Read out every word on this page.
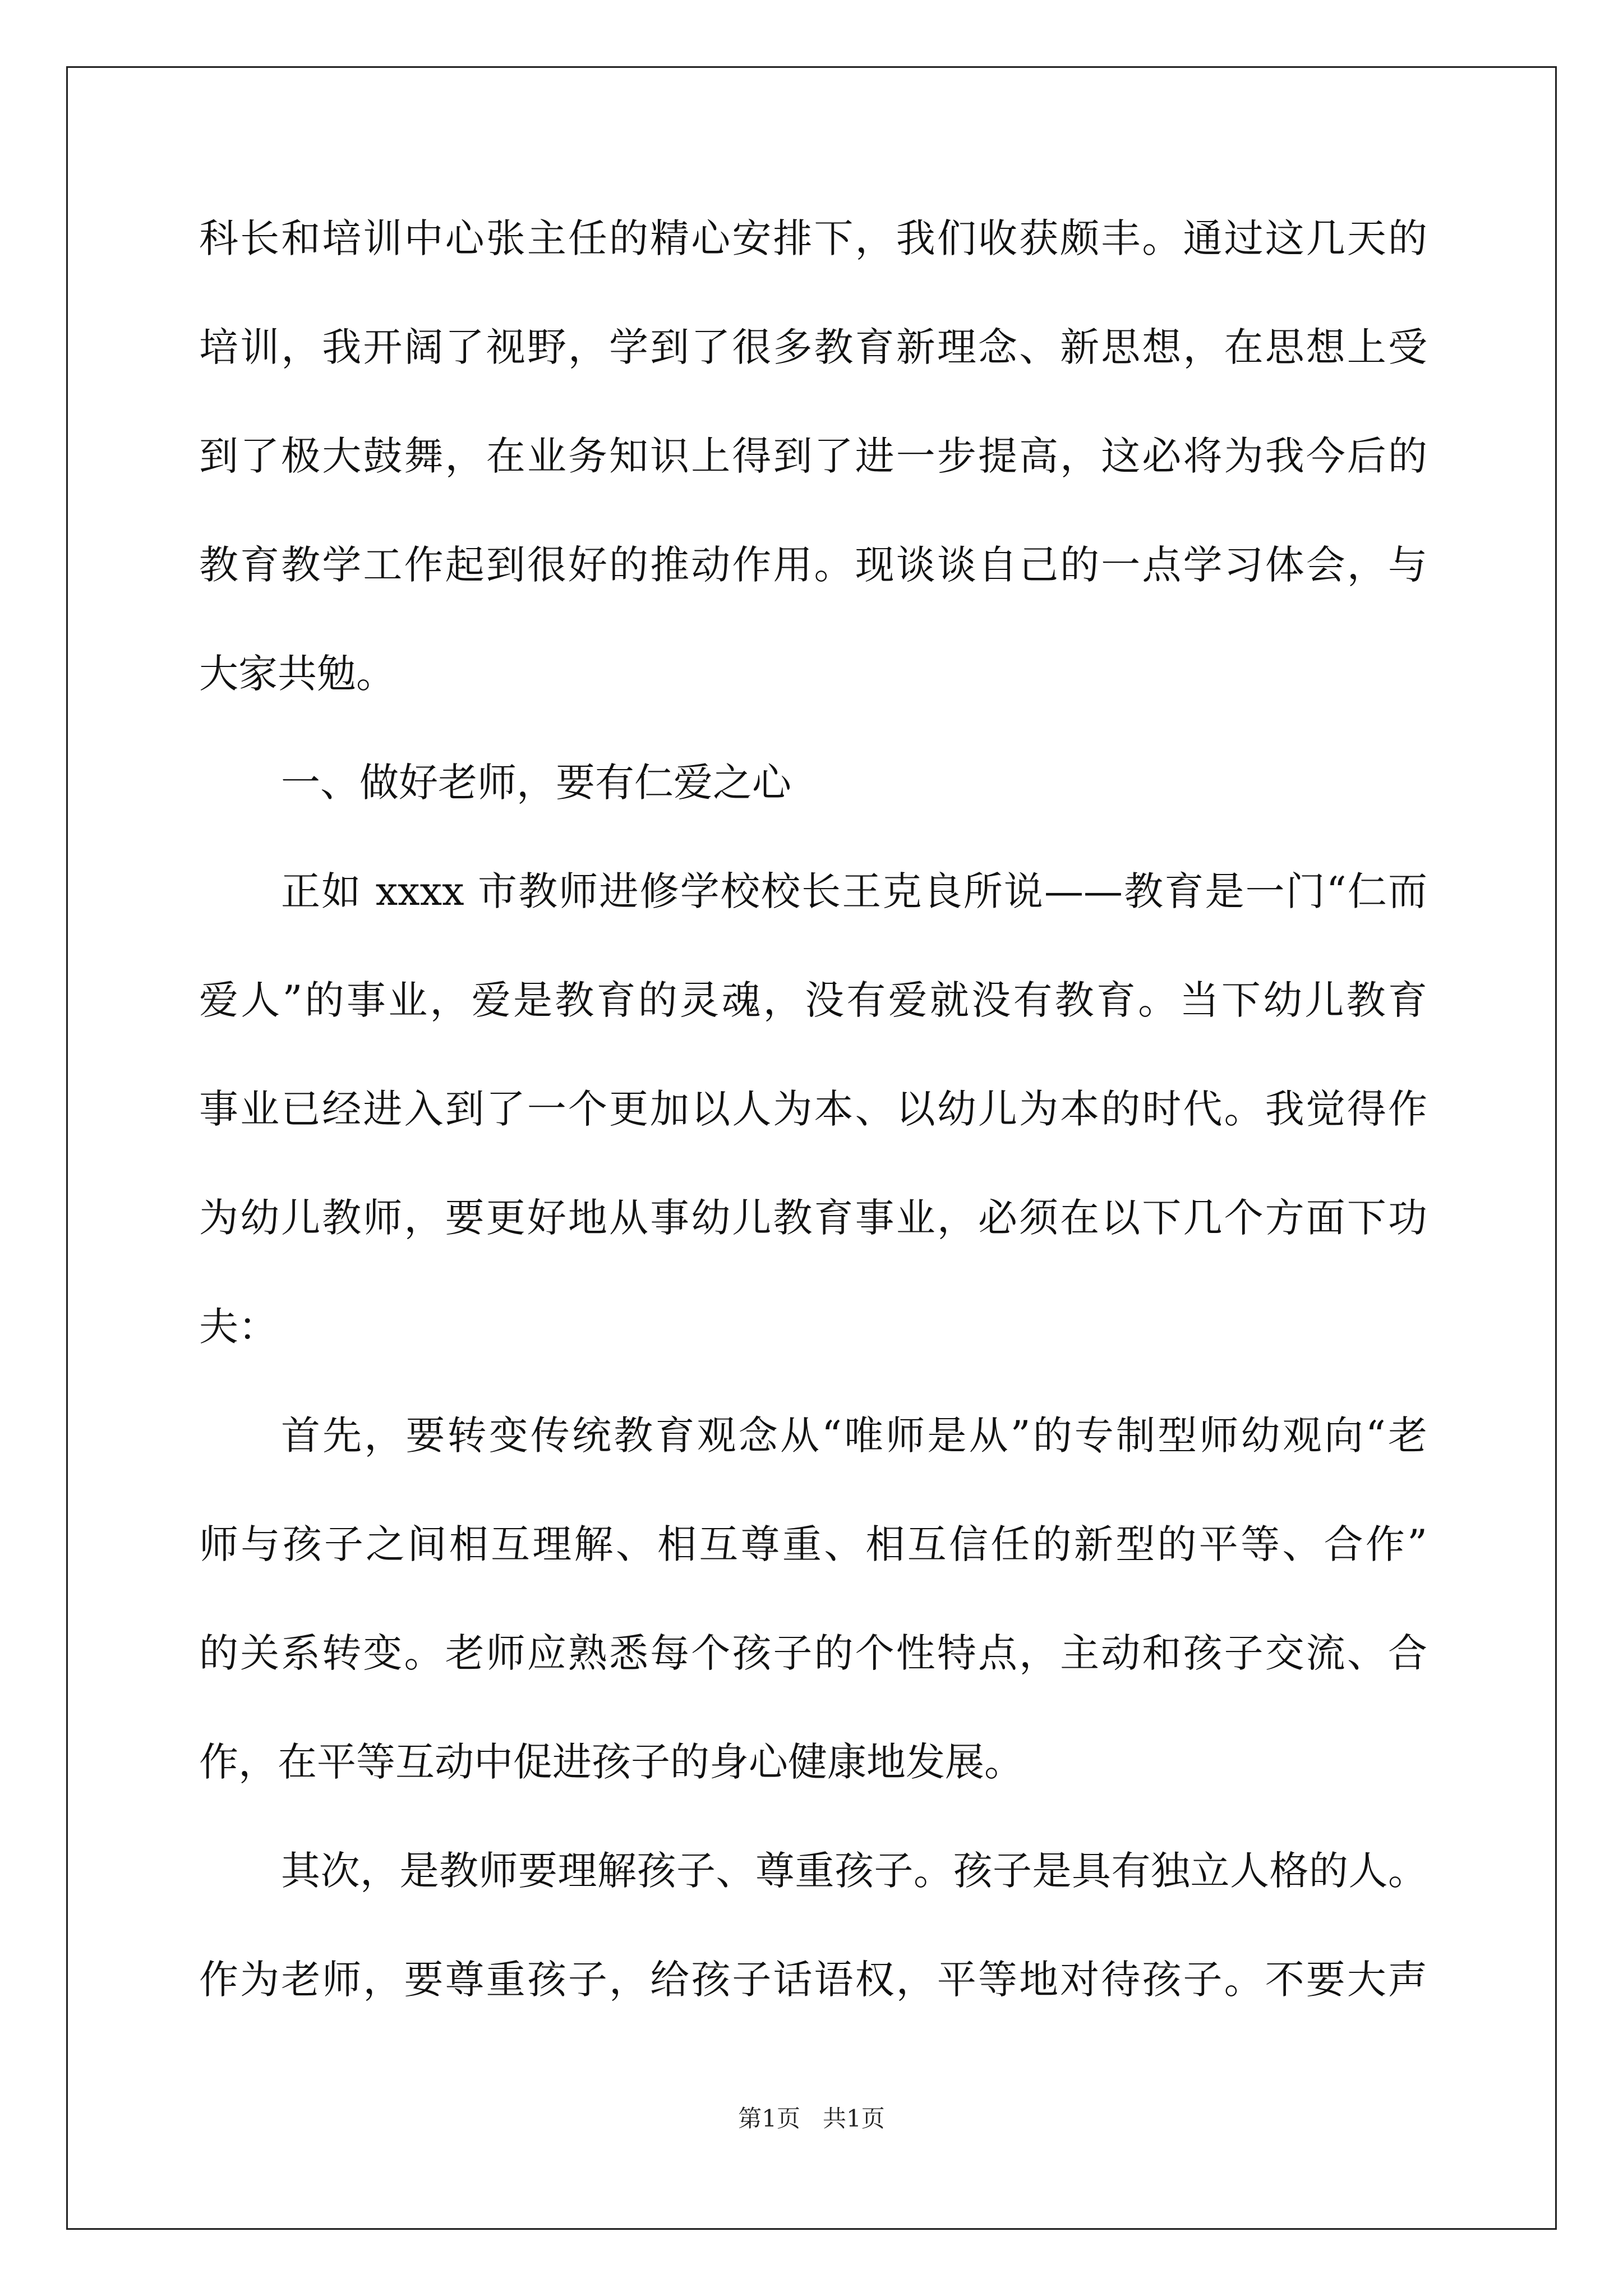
科长和培训中心张主任的精心安排下，我们收获颇丰。通过这几天的
培训，我开阔了视野，学到了很多教育新理念、新思想，在思想上受
到了极大鼓舞，在业务知识上得到了进一步提高，这必将为我今后的
教育教学工作起到很好的推动作用。现谈谈自己的一点学习体会，与
大家共勉。
一、做好老师，要有仁爱之心
正如 xxxx 市教师进修学校校长王克良所说——教育是一门“仁而
爱人”的事业，爱是教育的灵魂，没有爱就没有教育。当下幼儿教育
事业已经进入到了一个更加以人为本、以幼儿为本的时代。我觉得作
为幼儿教师，要更好地从事幼儿教育事业，必须在以下几个方面下功
夫：
首先，要转变传统教育观念从“唯师是从”的专制型师幼观向“老
师与孩子之间相互理解、相互尊重、相互信任的新型的平等、合作”
的关系转变。老师应熟悉每个孩子的个性特点，主动和孩子交流、合
作，在平等互动中促进孩子的身心健康地发展。
其次，是教师要理解孩子、尊重孩子。孩子是具有独立人格的人。
作为老师，要尊重孩子，给孩子话语权，平等地对待孩子。不要大声
第1页   共1页
